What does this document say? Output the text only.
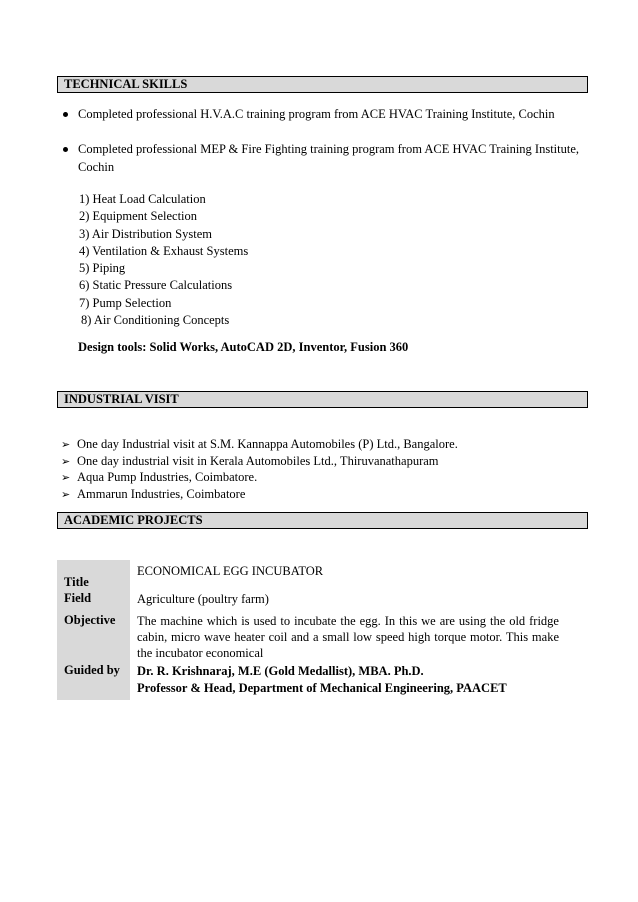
TECHNICAL SKILLS
Completed professional H.V.A.C training program from ACE HVAC Training Institute, Cochin
Completed professional MEP & Fire Fighting training program from ACE HVAC Training Institute, Cochin
1) Heat Load Calculation
2) Equipment Selection
3) Air Distribution System
4) Ventilation & Exhaust Systems
5) Piping
6) Static Pressure Calculations
7) Pump Selection
8) Air Conditioning Concepts
Design tools: Solid Works, AutoCAD 2D, Inventor, Fusion 360
INDUSTRIAL VISIT
➢ One day Industrial visit at S.M. Kannappa Automobiles (P) Ltd., Bangalore.
➢ One day industrial visit in Kerala Automobiles Ltd., Thiruvanathapuram
➢ Aqua Pump Industries, Coimbatore.
➢ Ammarun Industries, Coimbatore
ACADEMIC PROJECTS
ECONOMICAL EGG INCUBATOR
Title
Field	Agriculture (poultry farm)
Objective The machine which is used to incubate the egg. In this we are using the old fridge cabin, micro wave heater coil and a small low speed high torque motor. This make the incubator economical
Guided by Dr. R. Krishnaraj, M.E (Gold Medallist), MBA. Ph.D.
Professor & Head, Department of Mechanical Engineering, PAACET
